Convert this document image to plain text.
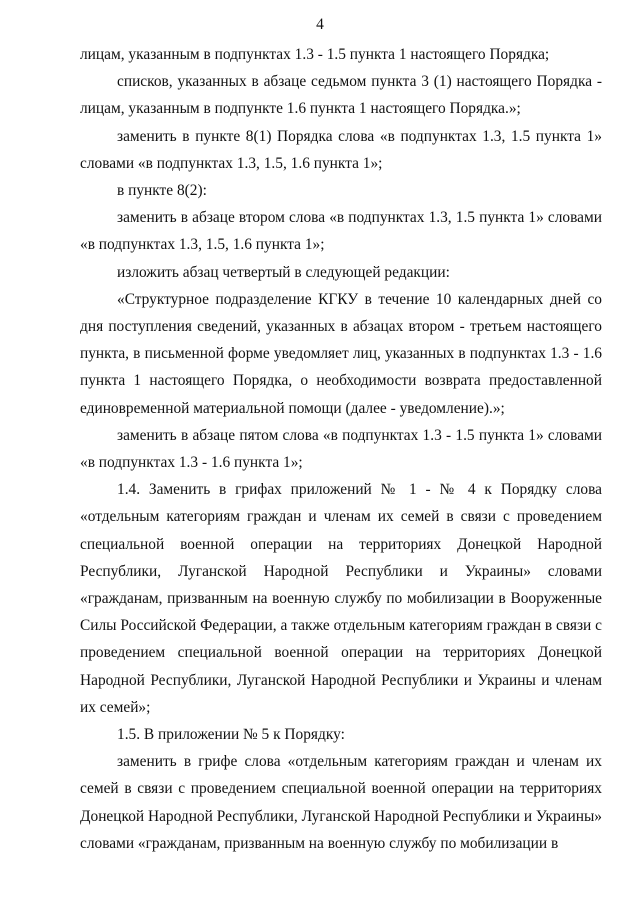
4

лицам, указанным в подпунктах 1.3 - 1.5 пункта 1 настоящего Порядка;

списков, указанных в абзаце седьмом пункта 3 (1) настоящего Порядка - лицам, указанным в подпункте 1.6 пункта 1 настоящего Порядка.»;

заменить в пункте 8(1) Порядка слова «в подпунктах 1.3, 1.5 пункта 1» словами «в подпунктах 1.3, 1.5, 1.6 пункта 1»;

в пункте 8(2):

заменить в абзаце втором слова «в подпунктах 1.3, 1.5 пункта 1» словами «в подпунктах 1.3, 1.5, 1.6 пункта 1»;

изложить абзац четвертый в следующей редакции:

«Структурное подразделение КГКУ в течение 10 календарных дней со дня поступления сведений, указанных в абзацах втором - третьем настоящего пункта, в письменной форме уведомляет лиц, указанных в подпунктах 1.3 - 1.6 пункта 1 настоящего Порядка, о необходимости возврата предоставленной единовременной материальной помощи (далее - уведомление).»;

заменить в абзаце пятом слова «в подпунктах 1.3 - 1.5 пункта 1» словами «в подпунктах 1.3 - 1.6 пункта 1»;

1.4. Заменить в грифах приложений № 1 - № 4 к Порядку слова «отдельным категориям граждан и членам их семей в связи с проведением специальной военной операции на территориях Донецкой Народной Республики, Луганской Народной Республики и Украины» словами «гражданам, призванным на военную службу по мобилизации в Вооруженные Силы Российской Федерации, а также отдельным категориям граждан в связи с проведением специальной военной операции на территориях Донецкой Народной Республики, Луганской Народной Республики и Украины и членам их семей»;

1.5. В приложении № 5 к Порядку:

заменить в грифе слова «отдельным категориям граждан и членам их семей в связи с проведением специальной военной операции на территориях Донецкой Народной Республики, Луганской Народной Республики и Украины» словами «гражданам, призванным на военную службу по мобилизации в
